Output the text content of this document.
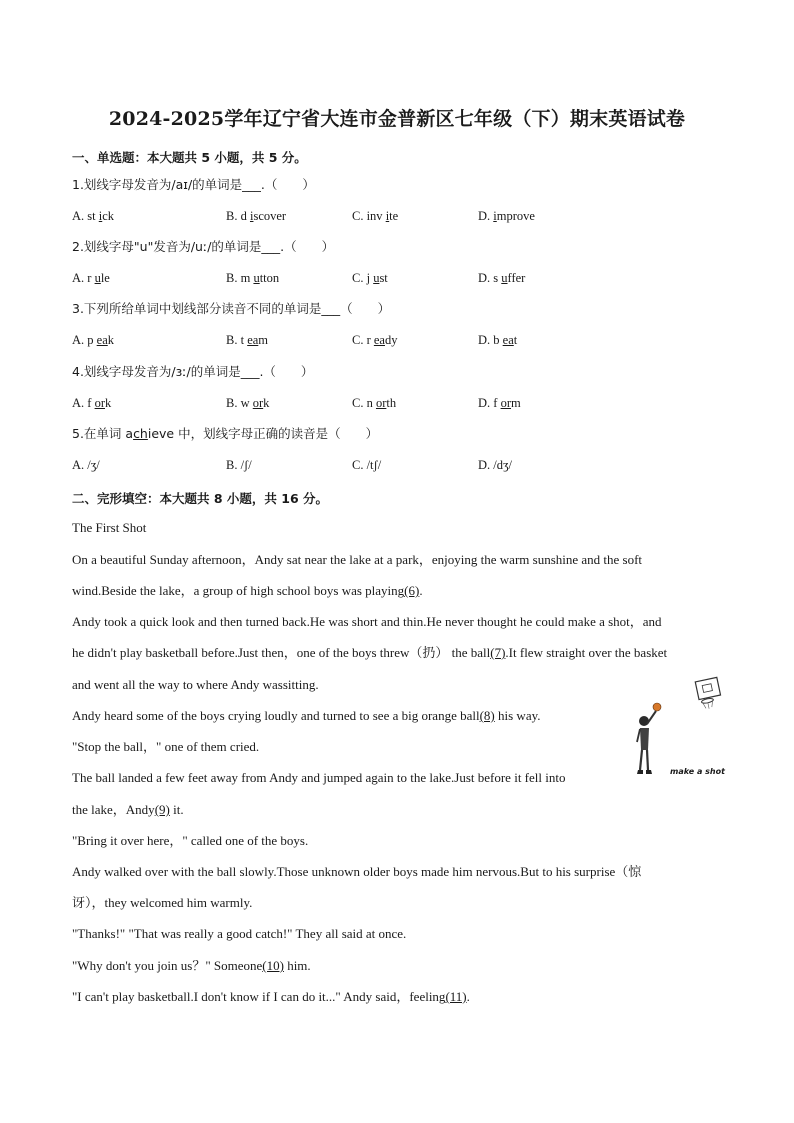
2024-2025学年辽宁省大连市金普新区七年级（下）期末英语试卷
一、单选题：本大题共 5 小题，共 5 分。
1.划线字母发音为/aɪ/的单词是___.（　　）
A. st ick	B. d iscover	C. inv ite	D. improve
2.划线字母"u"发音为/uː/的单词是___.（　　）
A. r ule	B. m utton	C. j ust	D. s uffer
3.下列所给单词中划线部分读音不同的单词是___（　　）
A. p eak	B. t eam	C. r eady	D. b eat
4.划线字母发音为/ɜː/的单词是___.（　　）
A. f ork	B. w ork	C. n orth	D. f orm
5.在单词 achieve 中，划线字母正确的读音是（　　）
A. /ʒ/	B. /ʃ/	C. /tʃ/	D. /dʒ/
二、完形填空：本大题共 8 小题，共 16 分。
The First Shot
On a beautiful Sunday afternoon，Andy sat near the lake at a park，enjoying the warm sunshine and the soft
wind.Beside the lake，a group of high school boys was playing(6).
Andy took a quick look and then turned back.He was short and thin.He never thought he could make a shot，and
he didn't play basketball before.Just then，one of the boys threw（扔） the ball(7).It flew straight over the basket
and went all the way to where Andy wassitting.
Andy heard some of the boys crying loudly and turned to see a big orange ball(8) his way.
"Stop the ball，" one of them cried.
The ball landed a few feet away from Andy and jumped again to the lake.Just before it fell into
the lake，Andy(9) it.
"Bring it over here，" called one of the boys.
Andy walked over with the ball slowly.Those unknown older boys made him nervous.But to his surprise（惊
讶），they welcomed him warmly.
"Thanks!" "That was really a good catch!" They all said at once.
"Why don't you join us？" Someone(10) him.
"I can't play basketball.I don't know if I can do it..." Andy said，feeling(11).
make a shot
